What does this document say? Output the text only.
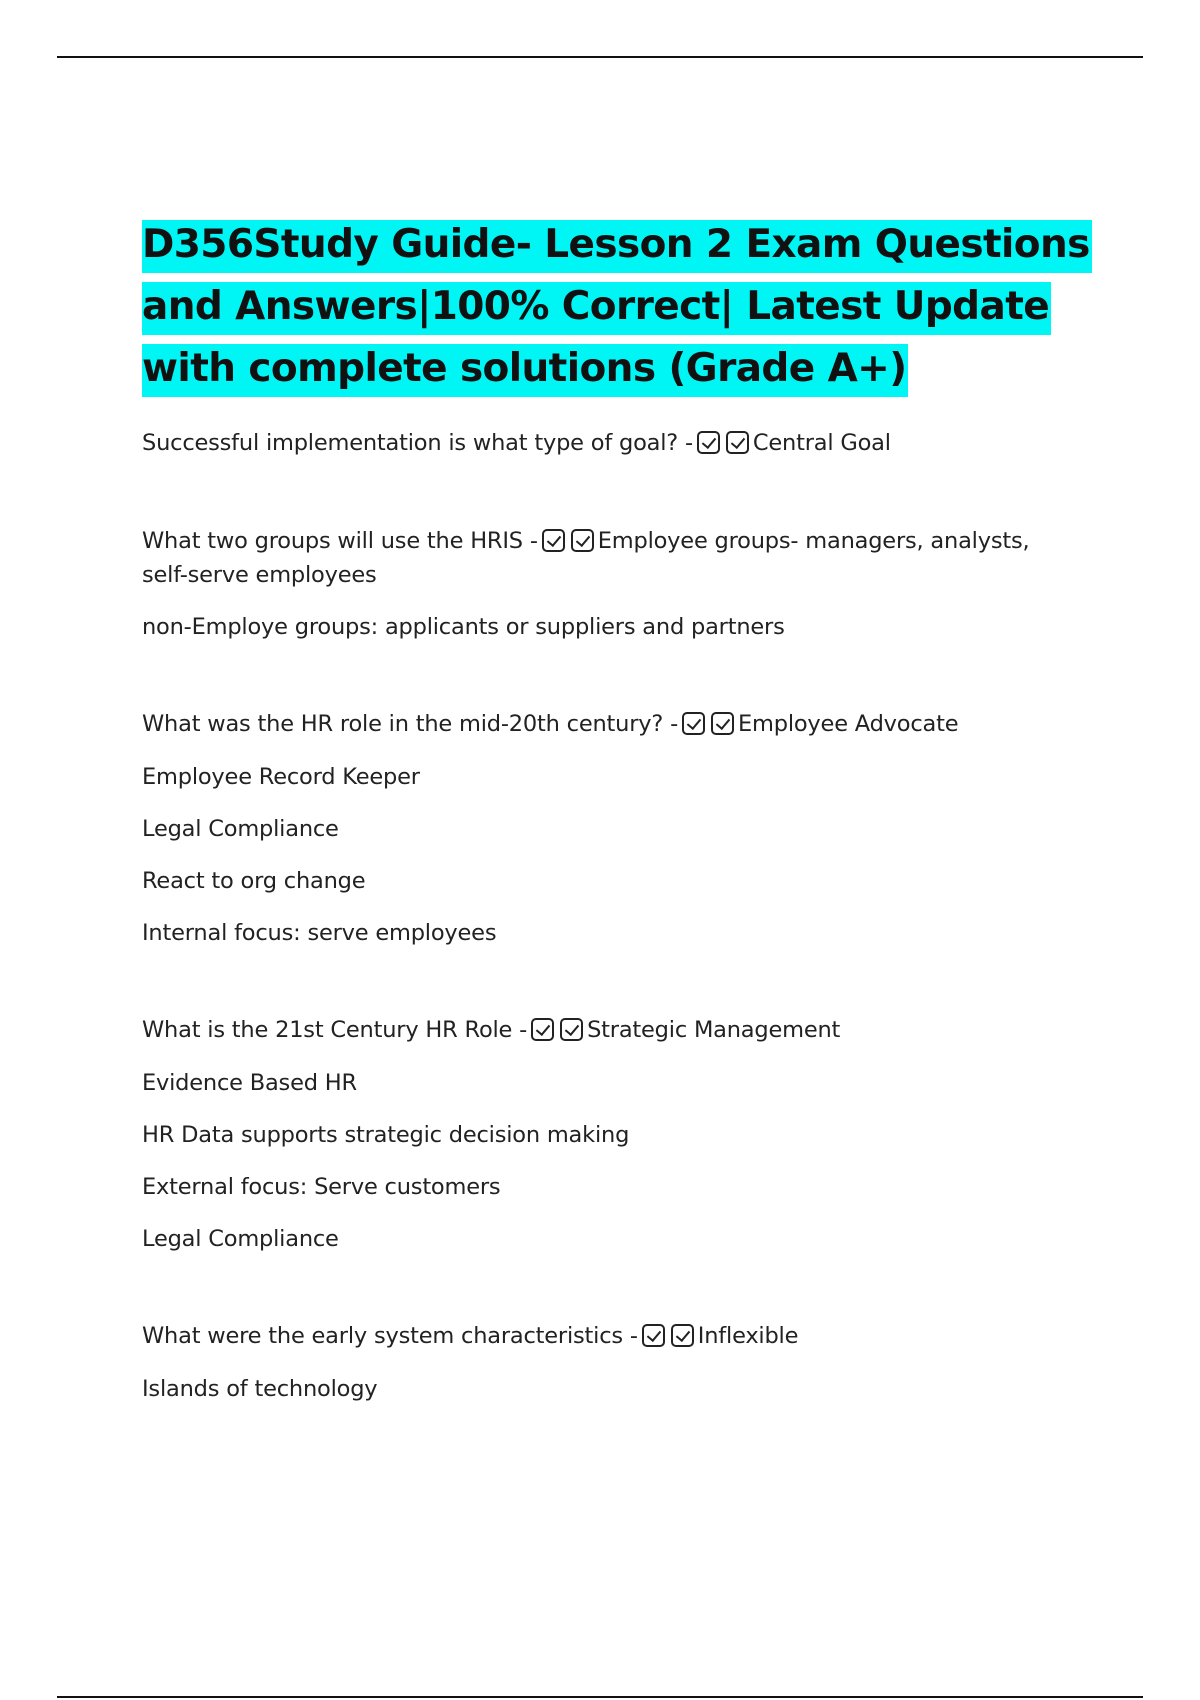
D356Study Guide- Lesson 2 Exam Questions
and Answers|100% Correct| Latest Update
with complete solutions (Grade A+)

Successful implementation is what type of goal? -	Central Goal

What two groups will use the HRIS -	Employee groups- managers, analysts,

self-serve employees

non-Employe groups: applicants or suppliers and partners

What was the HR role in the mid-20th century? -	Employee Advocate

Employee Record Keeper

Legal Compliance

React to org change

Internal focus: serve employees

What is the 21st Century HR Role -	Strategic Management

Evidence Based HR

HR Data supports strategic decision making

External focus: Serve customers

Legal Compliance

What were the early system characteristics -	Inflexible

Islands of technology
